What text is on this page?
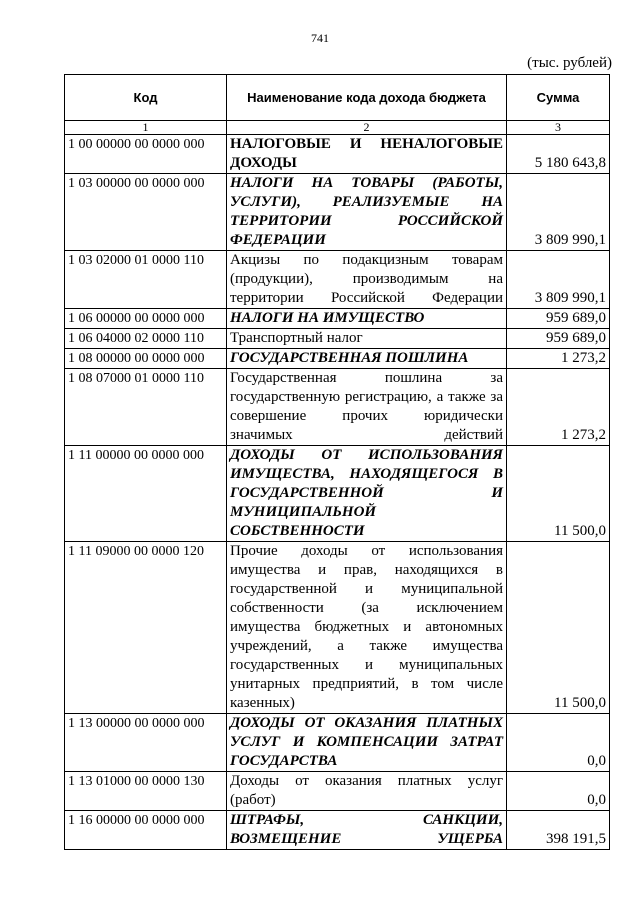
741
(тыс. рублей)
Код	Наименование кода дохода бюджета	Сумма
1	2	3
1 00 00000 00 0000 000	НАЛОГОВЫЕ И НЕНАЛОГОВЫЕ ДОХОДЫ	5 180 643,8
1 03 00000 00 0000 000	НАЛОГИ НА ТОВАРЫ (РАБОТЫ, УСЛУГИ), РЕАЛИЗУЕМЫЕ НА ТЕРРИТОРИИ РОССИЙСКОЙ ФЕДЕРАЦИИ	3 809 990,1
1 03 02000 01 0000 110	Акцизы по подакцизным товарам (продукции), производимым на территории Российской Федерации	3 809 990,1
1 06 00000 00 0000 000	НАЛОГИ НА ИМУЩЕСТВО	959 689,0
1 06 04000 02 0000 110	Транспортный налог	959 689,0
1 08 00000 00 0000 000	ГОСУДАРСТВЕННАЯ ПОШЛИНА	1 273,2
1 08 07000 01 0000 110	Государственная пошлина за государственную регистрацию, а также за совершение прочих юридически значимых действий	1 273,2
1 11 00000 00 0000 000	ДОХОДЫ ОТ ИСПОЛЬЗОВАНИЯ ИМУЩЕСТВА, НАХОДЯЩЕГОСЯ В ГОСУДАРСТВЕННОЙ И МУНИЦИПАЛЬНОЙ СОБСТВЕННОСТИ	11 500,0
1 11 09000 00 0000 120	Прочие доходы от использования имущества и прав, находящихся в государственной и муниципальной собственности (за исключением имущества бюджетных и автономных учреждений, а также имущества государственных и муниципальных унитарных предприятий, в том числе казенных)	11 500,0
1 13 00000 00 0000 000	ДОХОДЫ ОТ ОКАЗАНИЯ ПЛАТНЫХ УСЛУГ И КОМПЕНСАЦИИ ЗАТРАТ ГОСУДАРСТВА	0,0
1 13 01000 00 0000 130	Доходы от оказания платных услуг (работ)	0,0
1 16 00000 00 0000 000	ШТРАФЫ, САНКЦИИ, ВОЗМЕЩЕНИЕ УЩЕРБА	398 191,5
